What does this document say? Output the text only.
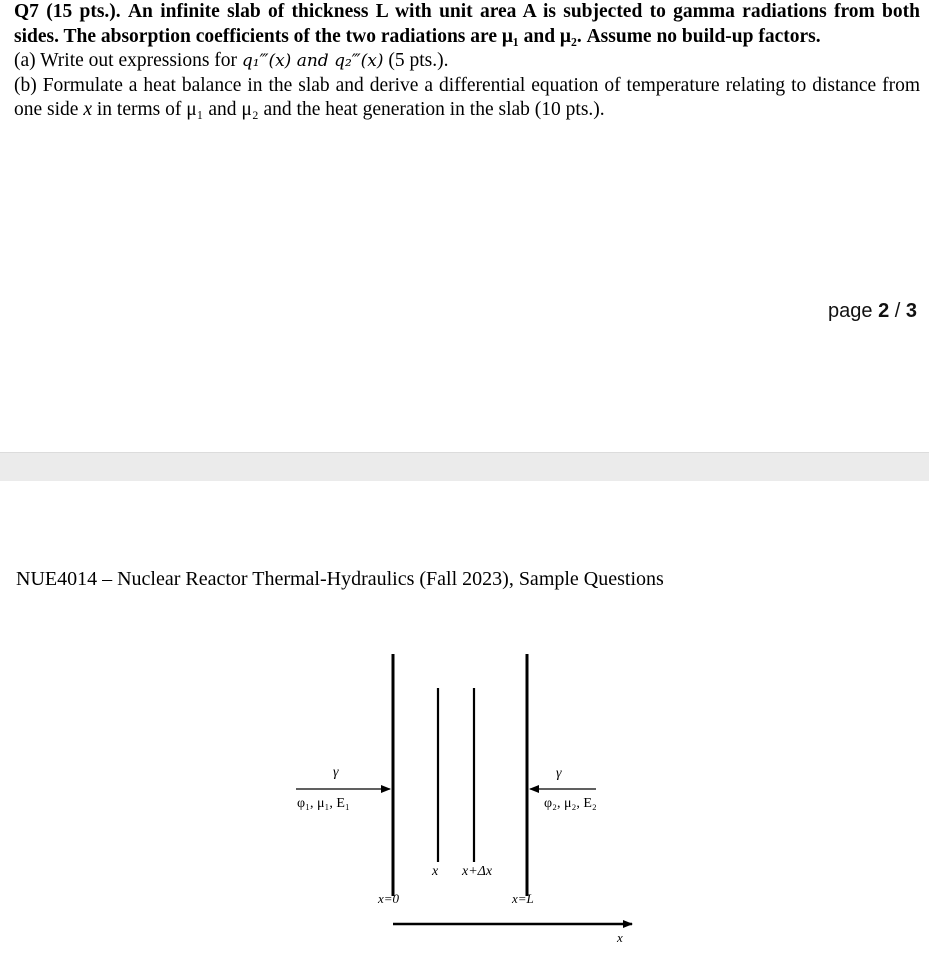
Q7 (15 pts.). An infinite slab of thickness L with unit area A is subjected to gamma radiations from both sides. The absorption coefficients of the two radiations are μ₁ and μ₂. Assume no build-up factors.

(a) Write out expressions for q₁‴(x) and q₂‴(x) (5 pts.).

(b) Formulate a heat balance in the slab and derive a differential equation of temperature relating to distance from one side x in terms of μ₁ and μ₂ and the heat generation in the slab (10 pts.).

page 2 / 3
NUE4014 – Nuclear Reactor Thermal-Hydraulics (Fall 2023), Sample Questions
γ
φ₁, μ₁, E₁
γ
φ₂, μ₂, E₂
x x+Δx
x=0	x=L
x
